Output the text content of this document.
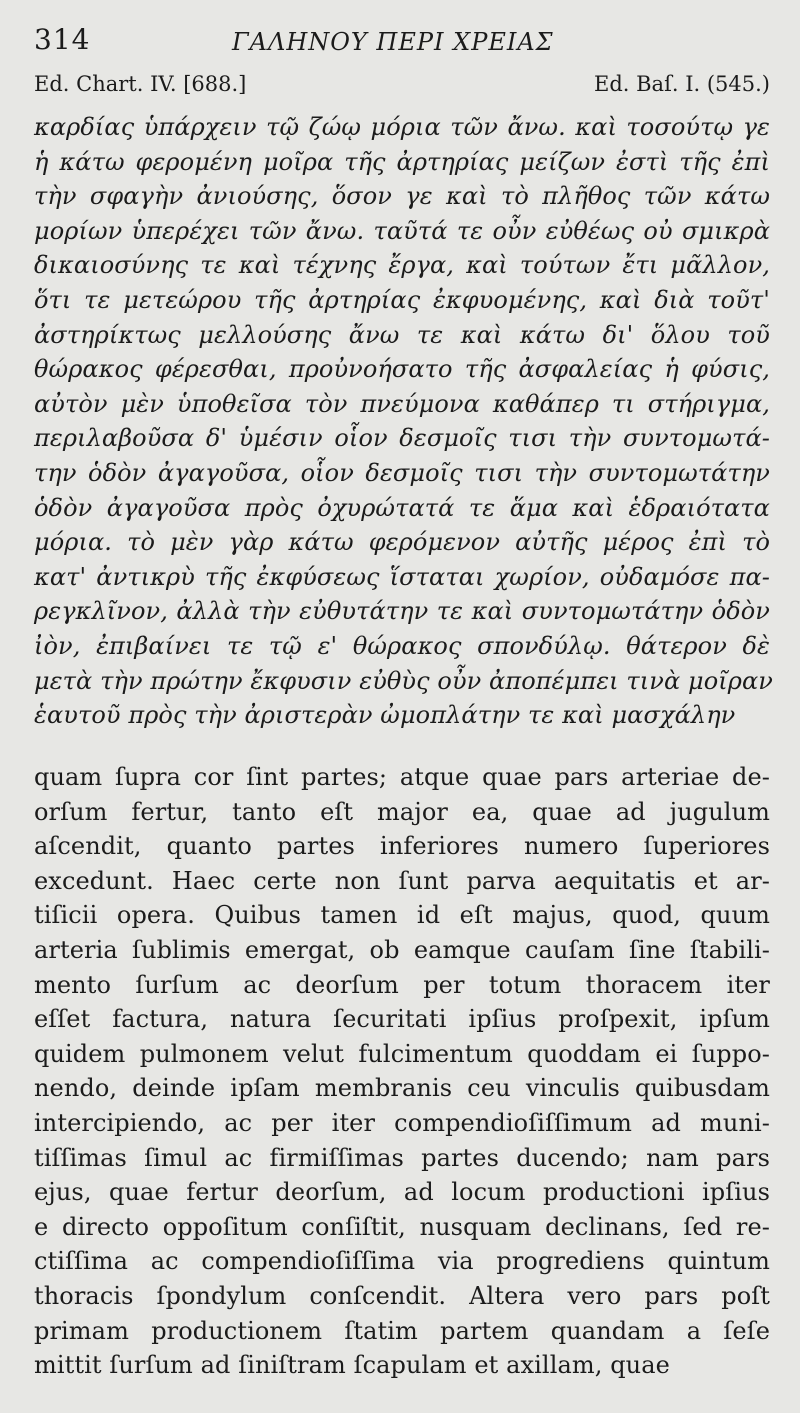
314	ΓΑΛΗΝΟΥ ΠΕΡΙ ΧΡΕΙΑΣ
Ed. Chart. IV. [688.]	Ed. Baſ. I. (545.)
καρδίας ὑπάρχειν τῷ ζώῳ μόρια τῶν ἄνω. καὶ τοσούτῳ γε
ἡ κάτω φερομένη μοῖρα τῆς ἀρτηρίας μείζων ἐστὶ τῆς ἐπὶ
τὴν σφαγὴν ἀνιούσης, ὅσον γε καὶ τὸ πλῆθος τῶν κάτω
μορίων ὑπερέχει τῶν ἄνω. ταῦτά τε οὖν εὐθέως οὐ σμικρὰ
δικαιοσύνης τε καὶ τέχνης ἔργα, καὶ τούτων ἔτι μᾶλλον,
ὅτι τε μετεώρου τῆς ἀρτηρίας ἐκφυομένης, καὶ διὰ τοῦτ'
ἀστηρίκτως μελλούσης ἄνω τε καὶ κάτω δι' ὅλου τοῦ
θώρακος φέρεσθαι, προὐνοήσατο τῆς ἀσφαλείας ἡ φύσις,
αὐτὸν μὲν ὑποθεῖσα τὸν πνεύμονα καθάπερ τι στήριγμα,
περιλαβοῦσα δ' ὑμέσιν οἷον δεσμοῖς τισι τὴν συντομωτά-
την ὁδὸν ἀγαγοῦσα, οἷον δεσμοῖς τισι τὴν συντομωτάτην
ὁδὸν ἀγαγοῦσα πρὸς ὀχυρώτατά τε ἅμα καὶ ἑδραιότατα
μόρια. τὸ μὲν γὰρ κάτω φερόμενον αὐτῆς μέρος ἐπὶ τὸ
κατ' ἀντικρὺ τῆς ἐκφύσεως ἵσταται χωρίον, οὐδαμόσε πα-
ρεγκλῖνον, ἀλλὰ τὴν εὐθυτάτην τε καὶ συντομωτάτην ὁδὸν
ἰὸν, ἐπιβαίνει τε τῷ ε' θώρακος σπονδύλῳ. θάτερον δὲ
μετὰ τὴν πρώτην ἔκφυσιν εὐθὺς οὖν ἀποπέμπει τινὰ μοῖραν
ἑαυτοῦ πρὸς τὴν ἀριστερὰν ὠμοπλάτην τε καὶ μασχάλην
quam ſupra cor ſint partes; atque quae pars arteriae de-
orſum fertur, tanto eſt major ea, quae ad jugulum
aſcendit, quanto partes inferiores numero ſuperiores
excedunt. Haec certe non ſunt parva aequitatis et ar-
tiſicii opera. Quibus tamen id eſt majus, quod, quum
arteria ſublimis emergat, ob eamque cauſam ſine ſtabili-
mento ſurſum ac deorſum per totum thoracem iter
eſſet factura, natura ſecuritati ipſius proſpexit, ipſum
quidem pulmonem velut fulcimentum quoddam ei ſuppo-
nendo, deinde ipſam membranis ceu vinculis quibusdam
intercipiendo, ac per iter compendioſiſſimum ad muni-
tiſſimas ſimul ac firmiſſimas partes ducendo; nam pars
ejus, quae fertur deorſum, ad locum productioni ipſius
e directo oppoſitum conſiſtit, nusquam declinans, ſed re-
ctiſſima ac compendioſiſſima via progrediens quintum
thoracis ſpondylum conſcendit. Altera vero pars poſt
primam productionem ſtatim partem quandam a ſeſe
mittit ſurſum ad ſiniſtram ſcapulam et axillam, quae
